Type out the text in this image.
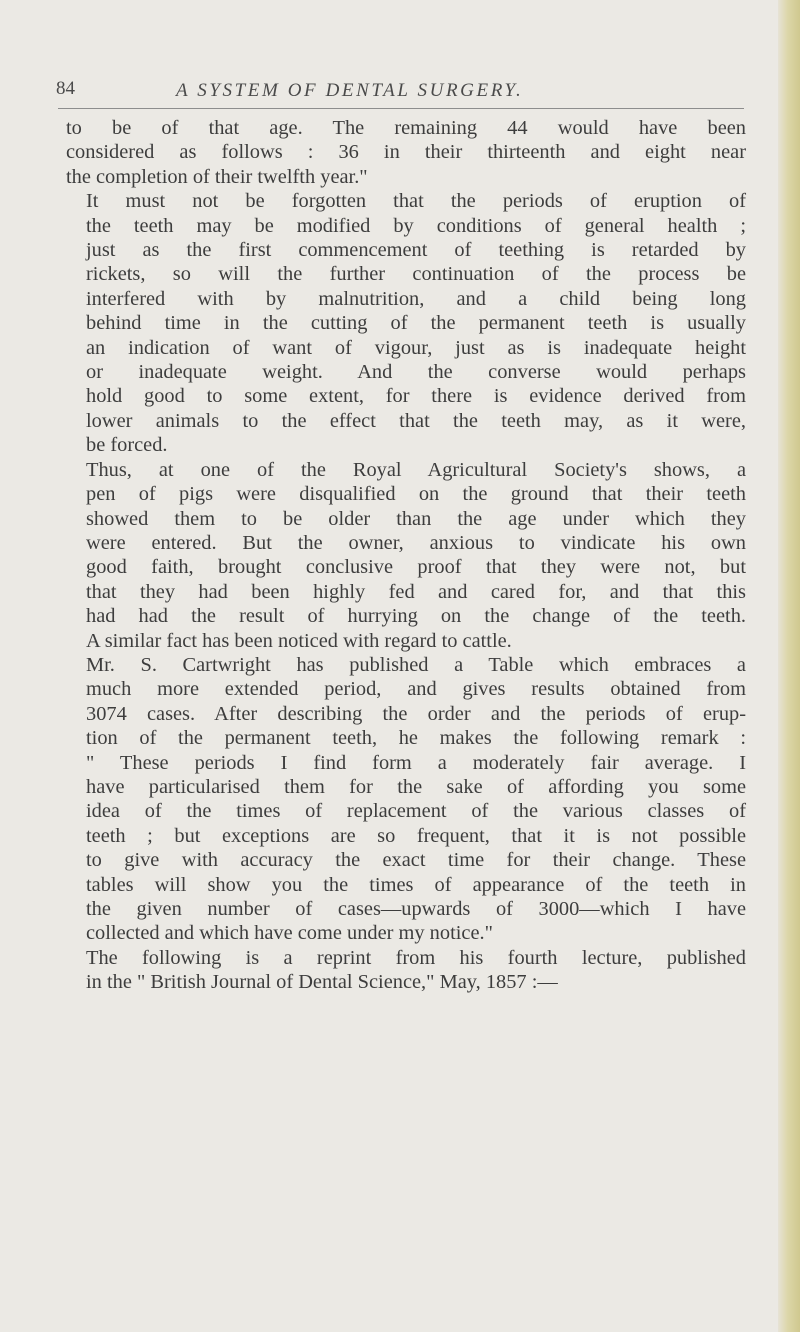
84	A SYSTEM OF DENTAL SURGERY.

to be of that age. The remaining 44 would have been
considered as follows : 36 in their thirteenth and eight near
the completion of their twelfth year."

It must not be forgotten that the periods of eruption of
the teeth may be modified by conditions of general health ;
just as the first commencement of teething is retarded by
rickets, so will the further continuation of the process be
interfered with by malnutrition, and a child being long
behind time in the cutting of the permanent teeth is usually
an indication of want of vigour, just as is inadequate height
or inadequate weight. And the converse would perhaps
hold good to some extent, for there is evidence derived from
lower animals to the effect that the teeth may, as it were,
be forced.

Thus, at one of the Royal Agricultural Society's shows, a
pen of pigs were disqualified on the ground that their teeth
showed them to be older than the age under which they
were entered. But the owner, anxious to vindicate his own
good faith, brought conclusive proof that they were not, but
that they had been highly fed and cared for, and that this
had had the result of hurrying on the change of the teeth.
A similar fact has been noticed with regard to cattle.

Mr. S. Cartwright has published a Table which embraces a
much more extended period, and gives results obtained from
3074 cases. After describing the order and the periods of erup-
tion of the permanent teeth, he makes the following remark :
" These periods I find form a moderately fair average. I
have particularised them for the sake of affording you some
idea of the times of replacement of the various classes of
teeth ; but exceptions are so frequent, that it is not possible
to give with accuracy the exact time for their change. These
tables will show you the times of appearance of the teeth in
the given number of cases—upwards of 3000—which I have
collected and which have come under my notice."

The following is a reprint from his fourth lecture, published
in the " British Journal of Dental Science," May, 1857 :—
